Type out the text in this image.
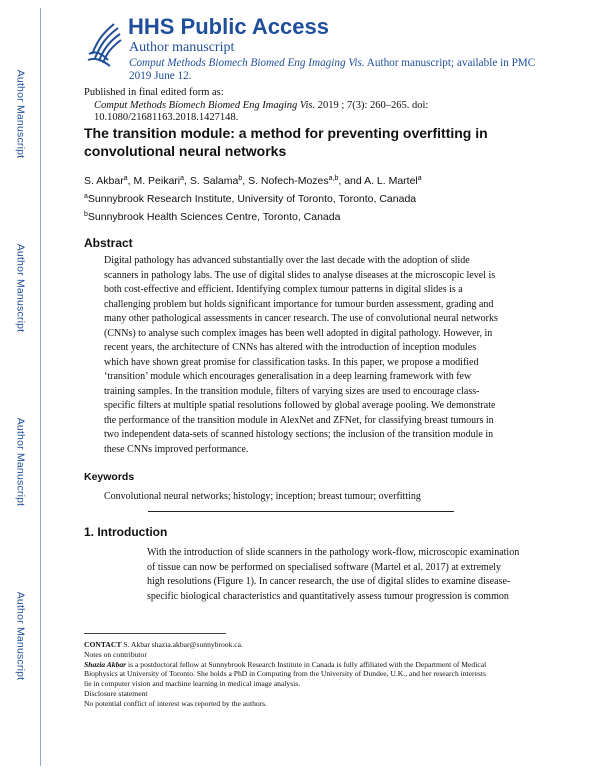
Author Manuscript
Author Manuscript
Author Manuscript
Author Manuscript
HHS Public Access
Author manuscript
Comput Methods Biomech Biomed Eng Imaging Vis. Author manuscript; available in PMC 2019 June 12.
Published in final edited form as:
Comput Methods Biomech Biomed Eng Imaging Vis. 2019 ; 7(3): 260–265. doi:
10.1080/21681163.2018.1427148.
The transition module: a method for preventing overfitting in convolutional neural networks
S. Akbar$^a$, M. Peikari$^a$, S. Salama$^b$, S. Nofech-Mozes$^{a,b}$, and A. L. Martel$^a$
$^a$Sunnybrook Research Institute, University of Toronto, Toronto, Canada
$^b$Sunnybrook Health Sciences Centre, Toronto, Canada
Abstract
Digital pathology has advanced substantially over the last decade with the adoption of slide
scanners in pathology labs. The use of digital slides to analyse diseases at the microscopic level is
both cost-effective and efficient. Identifying complex tumour patterns in digital slides is a
challenging problem but holds significant importance for tumour burden assessment, grading and
many other pathological assessments in cancer research. The use of convolutional neural networks
(CNNs) to analyse such complex images has been well adopted in digital pathology. However, in
recent years, the architecture of CNNs has altered with the introduction of inception modules
which have shown great promise for classification tasks. In this paper, we propose a modified
‘transition’ module which encourages generalisation in a deep learning framework with few
training samples. In the transition module, filters of varying sizes are used to encourage class-
specific filters at multiple spatial resolutions followed by global average pooling. We demonstrate
the performance of the transition module in AlexNet and ZFNet, for classifying breast tumours in
two independent data-sets of scanned histology sections; the inclusion of the transition module in
these CNNs improved performance.
Keywords
Convolutional neural networks; histology; inception; breast tumour; overfitting
1. Introduction

With the introduction of slide scanners in the pathology work-flow, microscopic examination

of tissue can now be performed on specialised software (Martel et al. 2017) at extremely

high resolutions (Figure 1). In cancer research, the use of digital slides to examine disease-

specific biological characteristics and quantitatively assess tumour progression is common

CONTACT S. Akbar shazia.akbar@sunnybrook.ca.
Notes on contributor
Shazia Akbar is a postdoctoral fellow at Sunnybrook Research Institute in Canada is fully affiliated with the Department of Medical
Biophysics at University of Toronto. She holds a PhD in Computing from the University of Dundee, U.K., and her research interests
lie in computer vision and machine learning in medical image analysis.
Disclosure statement
No potential conflict of interest was reported by the authors.
